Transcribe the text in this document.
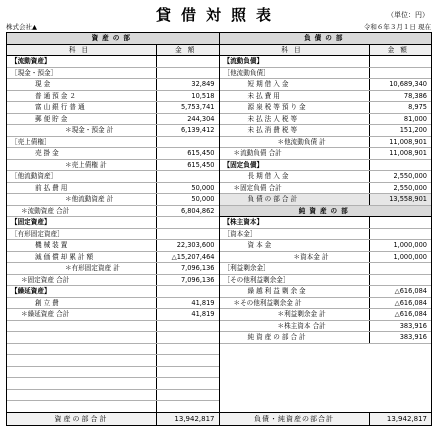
貸借対照表	（単位：円）
株式会社▲	令和６年３月１日 現在
資産の部
科目	金額
【流動資産】
［現金・預金］
現金	32,849
普通預金２	10,518
富山銀行普通	5,753,741
郵便貯金	244,304
＊現金・預金 計	6,139,412
［売上債権］
売掛金	615,450
＊売上債権 計	615,450
［他流動資産］
前払費用	50,000
＊他流動資産 計	50,000
＊流動資産 合計	6,804,862
【固定資産】
［有形固定資産］
機械装置	22,303,600
減価償却累計額	△15,207,464
＊有形固定資産 計	7,096,136
＊固定資産 合計	7,096,136
【繰延資産】
創立費	41,819
＊繰延資産 合計	41,819
負債の部
科目	金額
【流動負債】
［他流動負債］
短期借入金	10,689,340
未払費用	78,386
源泉税等預り金	8,975
未払法人税等	81,000
未払消費税等	151,200
＊他流動負債 計	11,008,901
＊流動負債 合計	11,008,901
【固定負債】
長期借入金	2,550,000
＊固定負債 合計	2,550,000
負債の部合計	13,558,901
純資産の部
【株主資本】
［資本金］
資本金	1,000,000
＊資本金 計	1,000,000
［利益剰余金］
［その他利益剰余金］
繰越利益剰余金	△616,084
＊その他利益剰余金 計	△616,084
＊利益剰余金 計	△616,084
＊株主資本 合計	383,916
純資産の部合計	383,916
資産の部合計	13,942,817	負債・純資産の部合計	13,942,817
